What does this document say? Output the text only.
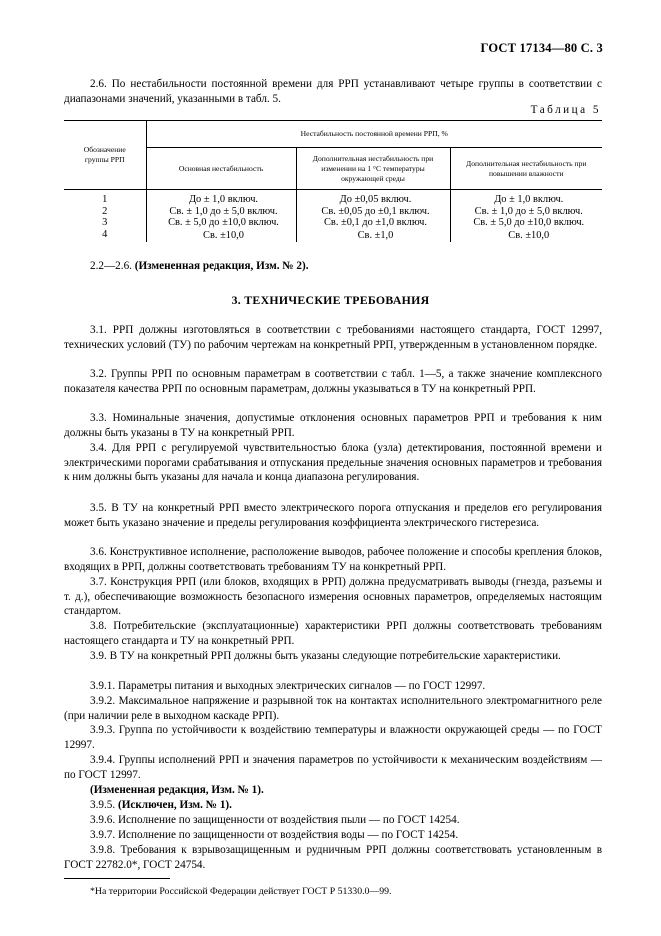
ГОСТ 17134—80 С. 3

2.6. По нестабильности постоянной времени для РРП устанавливают четыре группы в соответствии с диапазонами значений, указанными в табл. 5.

Таблица 5
Обозначение группы РРП	Нестабильность постоянной времени РРП, %		
	Основная нестабильность	Дополнительная нестабильность при изменении на 1 °С температуры окружающей среды	Дополнительная нестабильность при повышении влажности
1	До ± 1,0 включ.	До ±0,05 включ.	До ± 1,0 включ.
2	Св. ± 1,0 до ± 5,0 включ.	Св. ±0,05 до ±0,1 включ.	Св. ± 1,0 до ± 5,0 включ.
3	Св. ± 5,0 до ±10,0 включ.	Св. ±0,1 до ±1,0 включ.	Св. ± 5,0 до ±10,0 включ.
4	Св. ±10,0	Св. ±1,0	Св. ±10,0

2.2—2.6. (Измененная редакция, Изм. № 2).

3. ТЕХНИЧЕСКИЕ ТРЕБОВАНИЯ

3.1. РРП должны изготовляться в соответствии с требованиями настоящего стандарта, ГОСТ 12997, технических условий (ТУ) по рабочим чертежам на конкретный РРП, утвержденным в установленном порядке.

3.2. Группы РРП по основным параметрам в соответствии с табл. 1—5, а также значение комплексного показателя качества РРП по основным параметрам, должны указываться в ТУ на конкретный РРП.

3.3. Номинальные значения, допустимые отклонения основных параметров РРП и требования к ним должны быть указаны в ТУ на конкретный РРП.

3.4. Для РРП с регулируемой чувствительностью блока (узла) детектирования, постоянной времени и электрическими порогами срабатывания и отпускания предельные значения основных параметров и требования к ним должны быть указаны для начала и конца диапазона регулирования.

3.5. В ТУ на конкретный РРП вместо электрического порога отпускания и пределов его регулирования может быть указано значение и пределы регулирования коэффициента электрического гистерезиса.

3.6. Конструктивное исполнение, расположение выводов, рабочее положение и способы крепления блоков, входящих в РРП, должны соответствовать требованиям ТУ на конкретный РРП.

3.7. Конструкция РРП (или блоков, входящих в РРП) должна предусматривать выводы (гнезда, разъемы и т. д.), обеспечивающие возможность безопасного измерения основных параметров, определяемых настоящим стандартом.

3.8. Потребительские (эксплуатационные) характеристики РРП должны соответствовать требованиям настоящего стандарта и ТУ на конкретный РРП.

3.9. В ТУ на конкретный РРП должны быть указаны следующие потребительские характеристики.

3.9.1. Параметры питания и выходных электрических сигналов — по ГОСТ 12997.

3.9.2. Максимальное напряжение и разрывной ток на контактах исполнительного электромагнитного реле (при наличии реле в выходном каскаде РРП).

3.9.3. Группа по устойчивости к воздействию температуры и влажности окружающей среды — по ГОСТ 12997.

3.9.4. Группы исполнений РРП и значения параметров по устойчивости к механическим воздействиям — по ГОСТ 12997.

(Измененная редакция, Изм. № 1).

3.9.5. (Исключен, Изм. № 1).

3.9.6. Исполнение по защищенности от воздействия пыли — по ГОСТ 14254.

3.9.7. Исполнение по защищенности от воздействия воды — по ГОСТ 14254.

3.9.8. Требования к взрывозащищенным и рудничным РРП должны соответствовать установленным в ГОСТ 22782.0*, ГОСТ 24754.

*На территории Российской Федерации действует ГОСТ Р 51330.0—99.
